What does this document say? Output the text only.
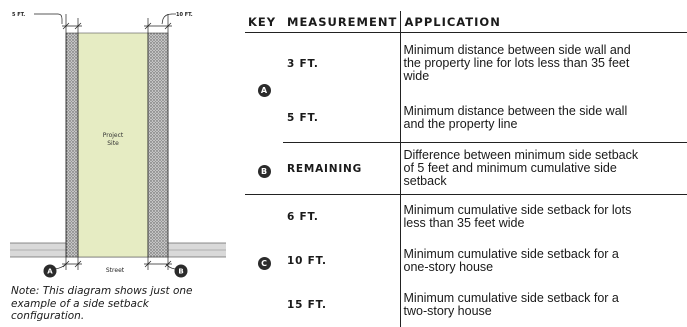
5 FT.	10 FT.
Project
Site
Street
A	B
Note: This diagram shows just one example of a side setback configuration.
KEY	MEASUREMENT	APPLICATION
A	3 FT.	Minimum distance between side wall and
the property line for lots less than 35 feet
wide

	5 FT.	Minimum distance between the side wall
and the property line

B	REMAINING	Difference between minimum side setback
of 5 feet and minimum cumulative side
setback

C	6 FT.	Minimum cumulative side setback for lots
less than 35 feet wide

	10 FT.	Minimum cumulative side setback for a
one-story house

	15 FT.	Minimum cumulative side setback for a
two-story house
